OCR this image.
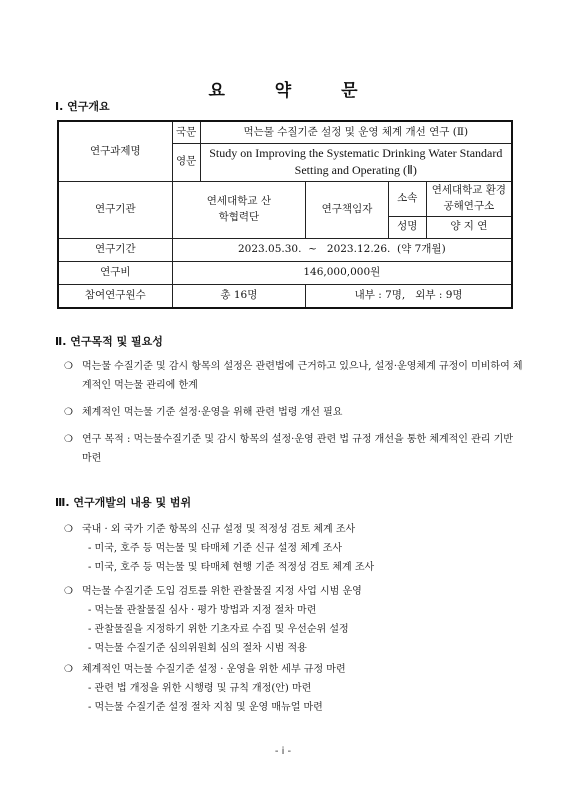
요 약 문
Ⅰ. 연구개요
연구과제명	국문	먹는물 수질기준 설정 및 운영 체계 개선 연구 (Ⅱ)			
	영문	Study on Improving the Systematic Drinking Water Standard Setting and Operating (Ⅱ)			
연구기관	연세대학교 산학협력단		연구책임자	소속	연세대학교 환경공해연구소
				성명	양 지 연
연구기간	2023.05.30.  ~   2023.12.26.  (약 7개월)				
연구비	146,000,000원				
참여연구원수	총 16명		내부 : 7명,   외부 : 9명		
Ⅱ. 연구목적 및 필요성
❍ 먹는물 수질기준 및 감시 항목의 설정은 관련법에 근거하고 있으나, 설정·운영체계 규정이 미비하여 체계적인 먹는물 관리에 한계
❍ 체계적인 먹는물 기준 설정·운영을 위해 관련 법령 개선 필요
❍ 연구 목적 : 먹는물수질기준 및 감시 항목의 설정·운영 관련 법 규정 개선을 통한 체계적인 관리 기반 마련
Ⅲ. 연구개발의 내용 및 범위
❍ 국내 · 외 국가 기준 항목의 신규 설정 및 적정성 검토 체계 조사
- 미국, 호주 등 먹는물 및 타매체 기준 신규 설정 체계 조사
- 미국, 호주 등 먹는물 및 타매체 현행 기준 적정성 검토 체계 조사
❍ 먹는물 수질기준 도입 검토를 위한 관찰물질 지정 사업 시범 운영
- 먹는물 관찰물질 심사 · 평가 방법과 지정 절차 마련
- 관찰물질을 지정하기 위한 기초자료 수집 및 우선순위 설정
- 먹는물 수질기준 심의위원회 심의 절차 시범 적용
❍ 체계적인 먹는물 수질기준 설정 · 운영을 위한 세부 규정 마련
- 관련 법 개정을 위한 시행령 및 규칙 개정(안) 마련
- 먹는물 수질기준 설정 절차 지침 및 운영 매뉴얼 마련
- i -
